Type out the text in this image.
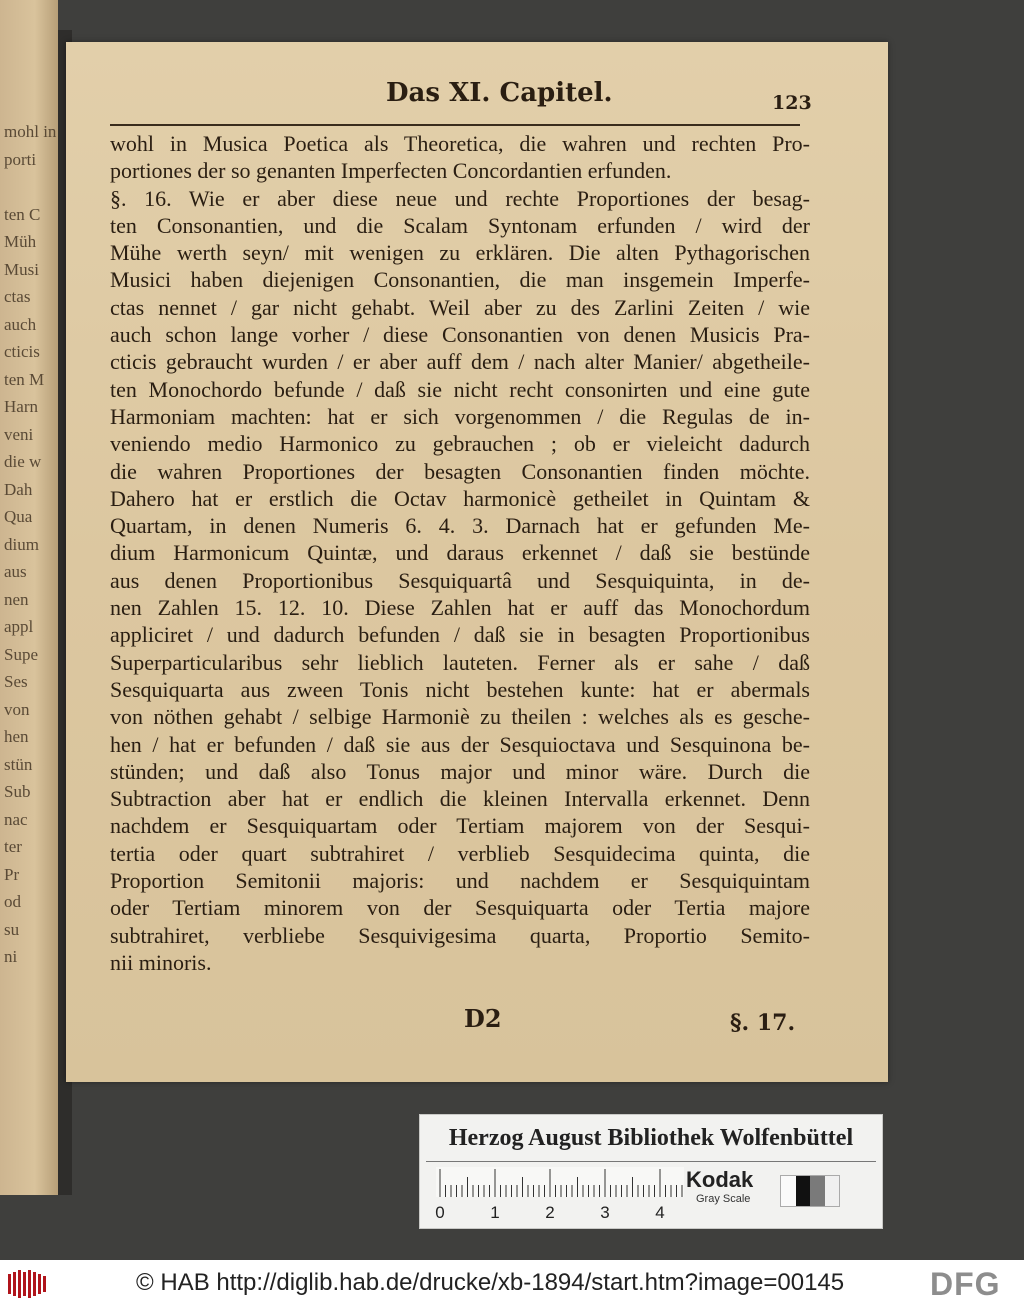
mohl in
porti
ten C
Müh
Musi
ctas
auch
cticis
ten M
Harn
veni
die w
Dah
Qua
dium
aus
nen
appl
Supe
Ses
von
hen
stün
Sub
nac
ter
Pr
od
su
ni
Das XI. Capitel.	123
wohl in Musica Poetica als Theoretica, die wahren und rechten Pro-
portiones der so genanten Imperfecten Concordantien erfunden.
§. 16. Wie er aber diese neue und rechte Proportiones der besag-
ten Consonantien, und die Scalam Syntonam erfunden / wird der
Mühe werth seyn/ mit wenigen zu erklären. Die alten Pythagorischen
Musici haben diejenigen Consonantien, die man insgemein Imperfe-
ctas nennet / gar nicht gehabt. Weil aber zu des Zarlini Zeiten / wie
auch schon lange vorher / diese Consonantien von denen Musicis Pra-
cticis gebraucht wurden / er aber auff dem / nach alter Manier/ abgetheile-
ten Monochordo befunde / daß sie nicht recht consonirten und eine gute
Harmoniam machten: hat er sich vorgenommen / die Regulas de in-
veniendo medio Harmonico zu gebrauchen ; ob er vieleicht dadurch
die wahren Proportiones der besagten Consonantien finden möchte.
Dahero hat er erstlich die Octav harmonicè getheilet in Quintam &
Quartam, in denen Numeris 6. 4. 3. Darnach hat er gefunden Me-
dium Harmonicum Quintæ, und daraus erkennet / daß sie bestünde
aus denen Proportionibus Sesquiquartâ und Sesquiquinta, in de-
nen Zahlen 15. 12. 10. Diese Zahlen hat er auff das Monochordum
appliciret / und dadurch befunden / daß sie in besagten Proportionibus
Superparticularibus sehr lieblich lauteten. Ferner als er sahe / daß
Sesquiquarta aus zween Tonis nicht bestehen kunte: hat er abermals
von nöthen gehabt / selbige Harmoniè zu theilen : welches als es gesche-
hen / hat er befunden / daß sie aus der Sesquioctava und Sesquinona be-
stünden; und daß also Tonus major und minor wäre. Durch die
Subtraction aber hat er endlich die kleinen Intervalla erkennet. Denn
nachdem er Sesquiquartam oder Tertiam majorem von der Sesqui-
tertia oder quart subtrahiret / verblieb Sesquidecima quinta, die
Proportion Semitonii majoris: und nachdem er Sesquiquintam
oder Tertiam minorem von der Sesquiquarta oder Tertia majore
subtrahiret, verbliebe Sesquivigesima quarta, Proportio Semito-
nii minoris.
D2	§. 17.
Herzog August Bibliothek Wolfenbüttel
0	1	2	3	4
Kodak
Gray Scale
© HAB http://diglib.hab.de/drucke/xb-1894/start.htm?image=00145	DFG
